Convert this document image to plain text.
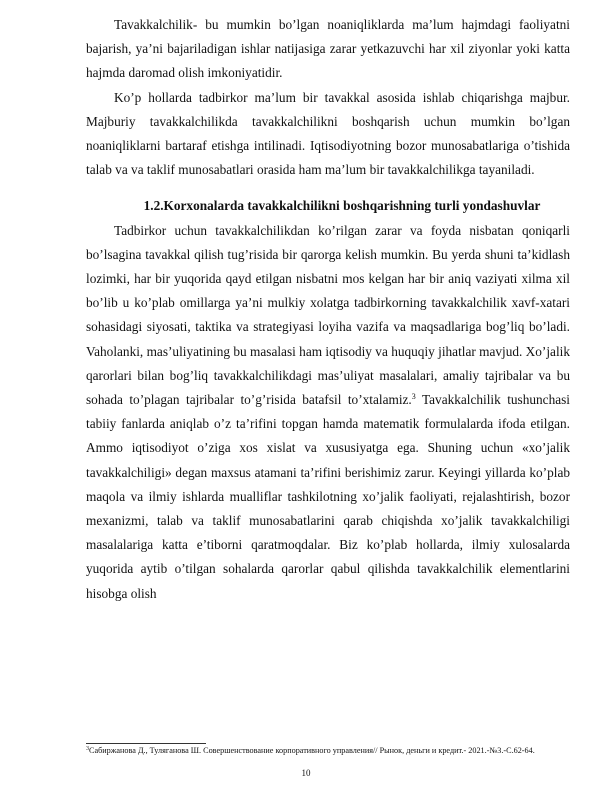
Tavakkalchilik- bu mumkin bo’lgan noaniqliklarda ma’lum hajmdagi faoliyatni bajarish, ya’ni bajariladigan ishlar natijasiga zarar yetkazuvchi har xil ziyonlar yoki katta hajmda daromad olish imkoniyatidir.

Ko’p hollarda tadbirkor ma’lum bir tavakkal asosida ishlab chiqarishga majbur. Majburiy tavakkalchilikda tavakkalchilikni boshqarish uchun mumkin bo’lgan noaniqliklarni bartaraf etishga intilinadi. Iqtisodiyotning bozor munosabatlariga o’tishida talab va va taklif munosabatlari orasida ham ma’lum bir tavakkalchilikga tayaniladi.

1.2.Korxonalarda tavakkalchilikni boshqarishning turli yondashuvlar

Tadbirkor uchun tavakkalchilikdan ko’rilgan zarar va foyda nisbatan qoniqarli bo’lsagina tavakkal qilish tug’risida bir qarorga kelish mumkin. Bu yerda shuni ta’kidlash lozimki, har bir yuqorida qayd etilgan nisbatni mos kelgan har bir aniq vaziyati xilma xil bo’lib u ko’plab omillarga ya’ni mulkiy xolatga tadbirkorning tavakkalchilik xavf-xatari sohasidagi siyosati, taktika va strategiyasi loyiha vazifa va maqsadlariga bog’liq bo’ladi. Vaholanki, mas’uliyatining bu masalasi ham iqtisodiy va huquqiy jihatlar mavjud. Xo’jalik qarorlari bilan bog’liq tavakkalchilikdagi mas’uliyat masalalari, amaliy tajribalar va bu sohada to’plagan tajribalar to’g’risida batafsil to’xtalamiz.$^3$ Tavakkalchilik tushunchasi tabiiy fanlarda aniqlab o’z ta’rifini topgan hamda matematik formulalarda ifoda etilgan. Ammo iqtisodiyot o’ziga xos xislat va xususiyatga ega. Shuning uchun «xo’jalik tavakkalchiligi» degan maxsus atamani ta’rifini berishimiz zarur. Keyingi yillarda ko’plab maqola va ilmiy ishlarda mualliflar tashkilotning xo’jalik faoliyati, rejalashtirish, bozor mexanizmi, talab va taklif munosabatlarini qarab chiqishda xo’jalik tavakkalchiligi masalalariga katta e’tiborni qaratmoqdalar. Biz ko’plab hollarda, ilmiy xulosalarda yuqorida aytib o’tilgan sohalarda qarorlar qabul qilishda tavakkalchilik elementlarini hisobga olish

$^3$Сабиржанова Д., Туляганова Ш. Совершенствование корпоративного управления// Рынок, деньги и кредит.- 2021.-№3.-С.62-64.
10
